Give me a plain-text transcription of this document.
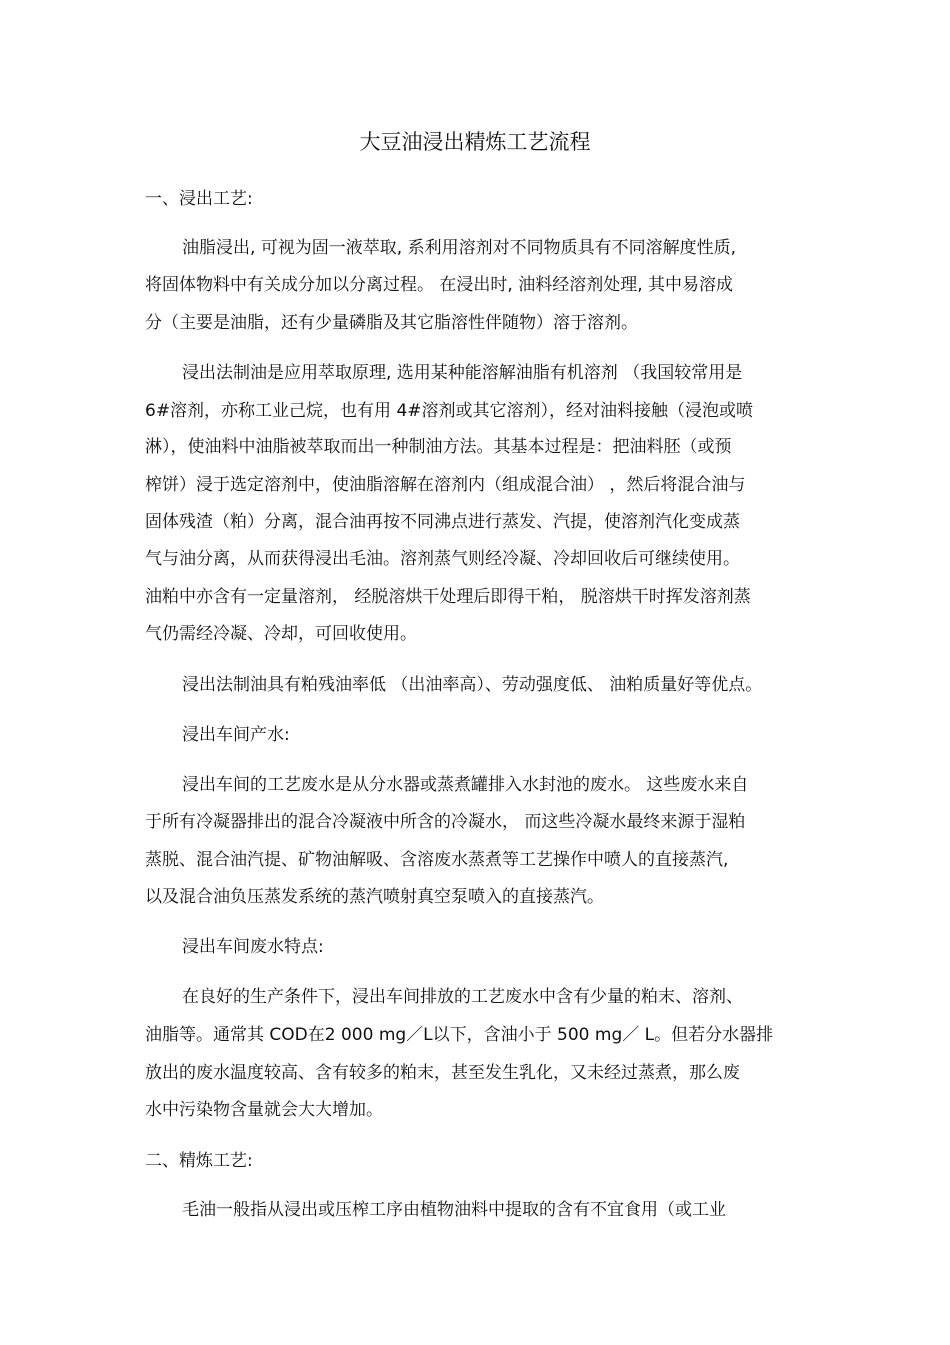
大豆油浸出精炼工艺流程
一、浸出工艺:
油脂浸出, 可视为固一液萃取, 系利用溶剂对不同物质具有不同溶解度性质,
将固体物料中有关成分加以分离过程。 在浸出时, 油料经溶剂处理, 其中易溶成
分（主要是油脂，还有少量磷脂及其它脂溶性伴随物）溶于溶剂。
浸出法制油是应用萃取原理, 选用某种能溶解油脂有机溶剂 （我国较常用是
6#溶剂，亦称工业己烷，也有用 4#溶剂或其它溶剂），经对油料接触（浸泡或喷
淋），使油料中油脂被萃取而出一种制油方法。其基本过程是：把油料胚（或预
榨饼）浸于选定溶剂中，使油脂溶解在溶剂内（组成混合油） ，然后将混合油与
固体残渣（粕）分离，混合油再按不同沸点进行蒸发、汽提，使溶剂汽化变成蒸
气与油分离，从而获得浸出毛油。溶剂蒸气则经冷凝、冷却回收后可继续使用。
油粕中亦含有一定量溶剂， 经脱溶烘干处理后即得干粕， 脱溶烘干时挥发溶剂蒸
气仍需经冷凝、冷却，可回收使用。
浸出法制油具有粕残油率低 （出油率高）、劳动强度低、 油粕质量好等优点。
浸出车间产水:
浸出车间的工艺废水是从分水器或蒸煮罐排入水封池的废水。 这些废水来自
于所有冷凝器排出的混合冷凝液中所含的冷凝水， 而这些冷凝水最终来源于湿粕
蒸脱、混合油汽提、矿物油解吸、含溶废水蒸煮等工艺操作中喷人的直接蒸汽,
以及混合油负压蒸发系统的蒸汽喷射真空泵喷入的直接蒸汽。
浸出车间废水特点:
在良好的生产条件下，浸出车间排放的工艺废水中含有少量的粕末、溶剂、
油脂等。通常其 COD在2 000 mg／L以下，含油小于 500 mg／ L。但若分水器排
放出的废水温度较高、含有较多的粕末，甚至发生乳化，又未经过蒸煮，那么废
水中污染物含量就会大大增加。
二、精炼工艺:
毛油一般指从浸出或压榨工序由植物油料中提取的含有不宜食用（或工业
